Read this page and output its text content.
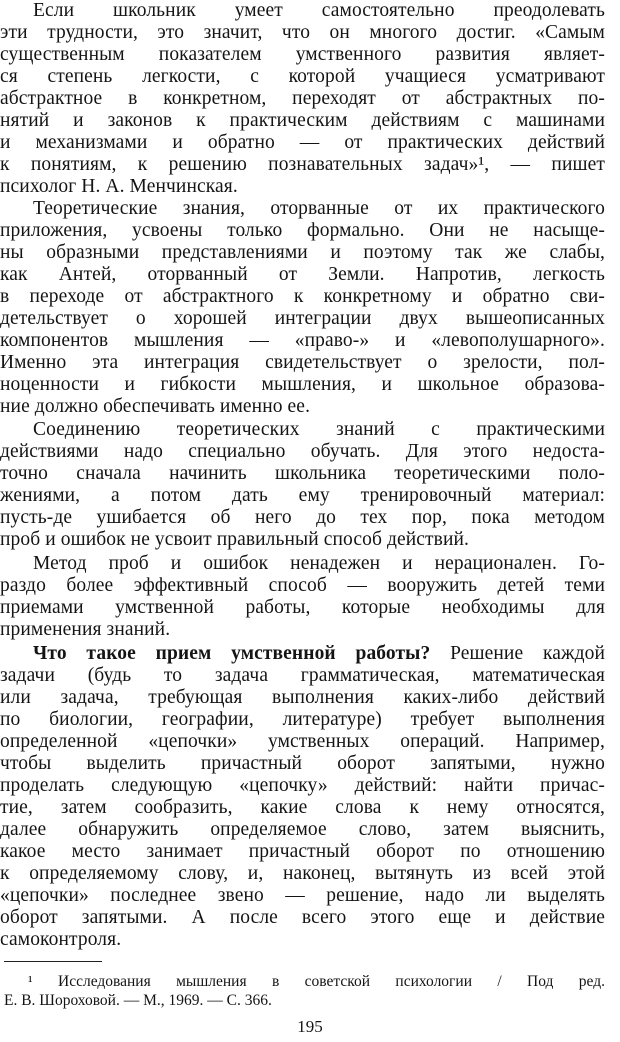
Если школьник умеет самостоятельно преодолевать
эти трудности, это значит, что он многого достиг. «Самым
существенным показателем умственного развития являет-
ся степень легкости, с которой учащиеся усматривают
абстрактное в конкретном, переходят от абстрактных по-
нятий и законов к практическим действиям с машинами
и механизмами и обратно — от практических действий
к понятиям, к решению познавательных задач»¹, — пишет
психолог Н. А. Менчинская.
Теоретические знания, оторванные от их практического
приложения, усвоены только формально. Они не насыще-
ны образными представлениями и поэтому так же слабы,
как Антей, оторванный от Земли. Напротив, легкость
в переходе от абстрактного к конкретному и обратно сви-
детельствует о хорошей интеграции двух вышеописанных
компонентов мышления — «право-» и «левополушарного».
Именно эта интеграция свидетельствует о зрелости, пол-
ноценности и гибкости мышления, и школьное образова-
ние должно обеспечивать именно ее.
Соединению теоретических знаний с практическими
действиями надо специально обучать. Для этого недоста-
точно сначала начинить школьника теоретическими поло-
жениями, а потом дать ему тренировочный материал:
пусть-де ушибается об него до тех пор, пока методом
проб и ошибок не усвоит правильный способ действий.
Метод проб и ошибок ненадежен и нерационален. Го-
раздо более эффективный способ — вооружить детей теми
приемами умственной работы, которые необходимы для
применения знаний.
Что такое прием умственной работы? Решение каждой
задачи (будь то задача грамматическая, математическая
или задача, требующая выполнения каких-либо действий
по биологии, географии, литературе) требует выполнения
определенной «цепочки» умственных операций. Например,
чтобы выделить причастный оборот запятыми, нужно
проделать следующую «цепочку» действий: найти причас-
тие, затем сообразить, какие слова к нему относятся,
далее обнаружить определяемое слово, затем выяснить,
какое место занимает причастный оборот по отношению
к определяемому слову, и, наконец, вытянуть из всей этой
«цепочки» последнее звено — решение, надо ли выделять
оборот запятыми. А после всего этого еще и действие
самоконтроля.
¹ Исследования мышления в советской психологии / Под ред.
Е. В. Шороховой. — М., 1969. — С. 366.
195
